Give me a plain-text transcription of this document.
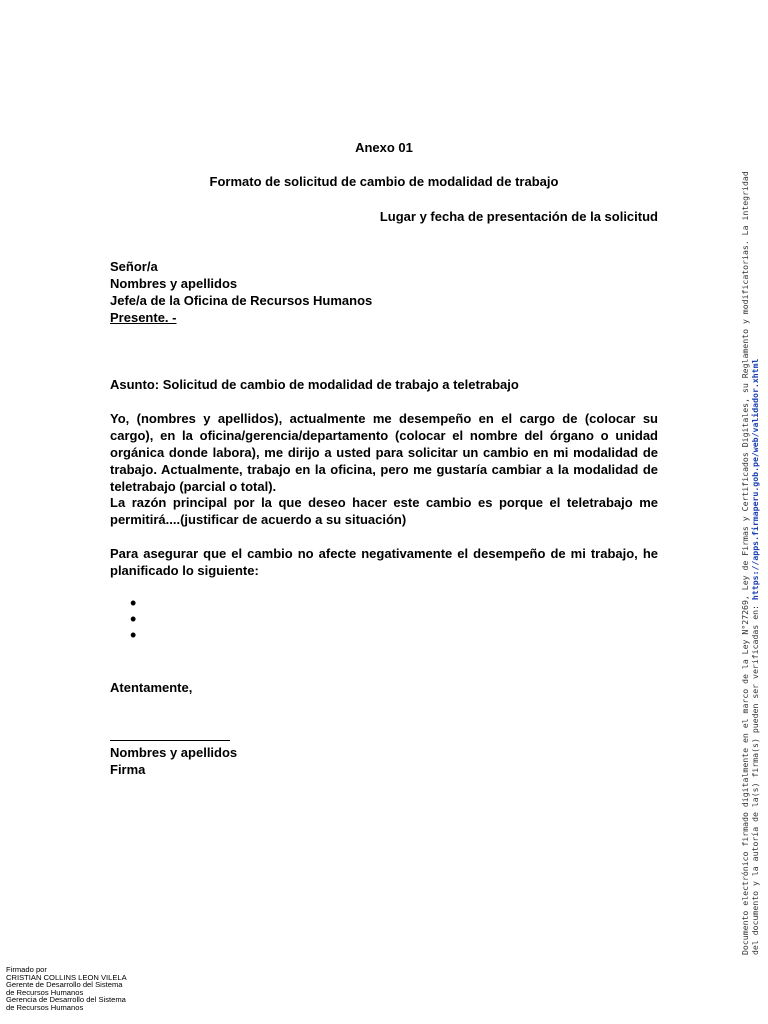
Anexo 01
Formato de solicitud de cambio de modalidad de trabajo
Lugar y fecha de presentación de la solicitud
Señor/a
Nombres y apellidos
Jefe/a de la Oficina de Recursos Humanos
Presente. -
Asunto: Solicitud de cambio de modalidad de trabajo a teletrabajo
Yo, (nombres y apellidos), actualmente me desempeño en el cargo de (colocar su cargo), en la oficina/gerencia/departamento (colocar el nombre del órgano o unidad orgánica donde labora), me dirijo a usted para solicitar un cambio en mi modalidad de trabajo. Actualmente, trabajo en la oficina, pero me gustaría cambiar a la modalidad de teletrabajo (parcial o total).
La razón principal por la que deseo hacer este cambio es porque el teletrabajo me permitirá....(justificar de acuerdo a su situación)
Para asegurar que el cambio no afecte negativamente el desempeño de mi trabajo, he planificado lo siguiente:
•
•
•
Atentamente,
Nombres y apellidos
Firma	Documento electrónico firmado digitalmente en el marco de la Ley N°27269, Ley de Firmas y Certificados Digitales, su Reglamento y modificatorias. La integridad del documento y la autoría de la(s) firma(s) pueden ser verificadas en: https://apps.firmaperu.gob.pe/web/validador.xhtml
Firmado por
CRISTIAN COLLINS LEON VILELA
Gerente de Desarrollo del Sistema
de Recursos Humanos
Gerencia de Desarrollo del Sistema
de Recursos Humanos
